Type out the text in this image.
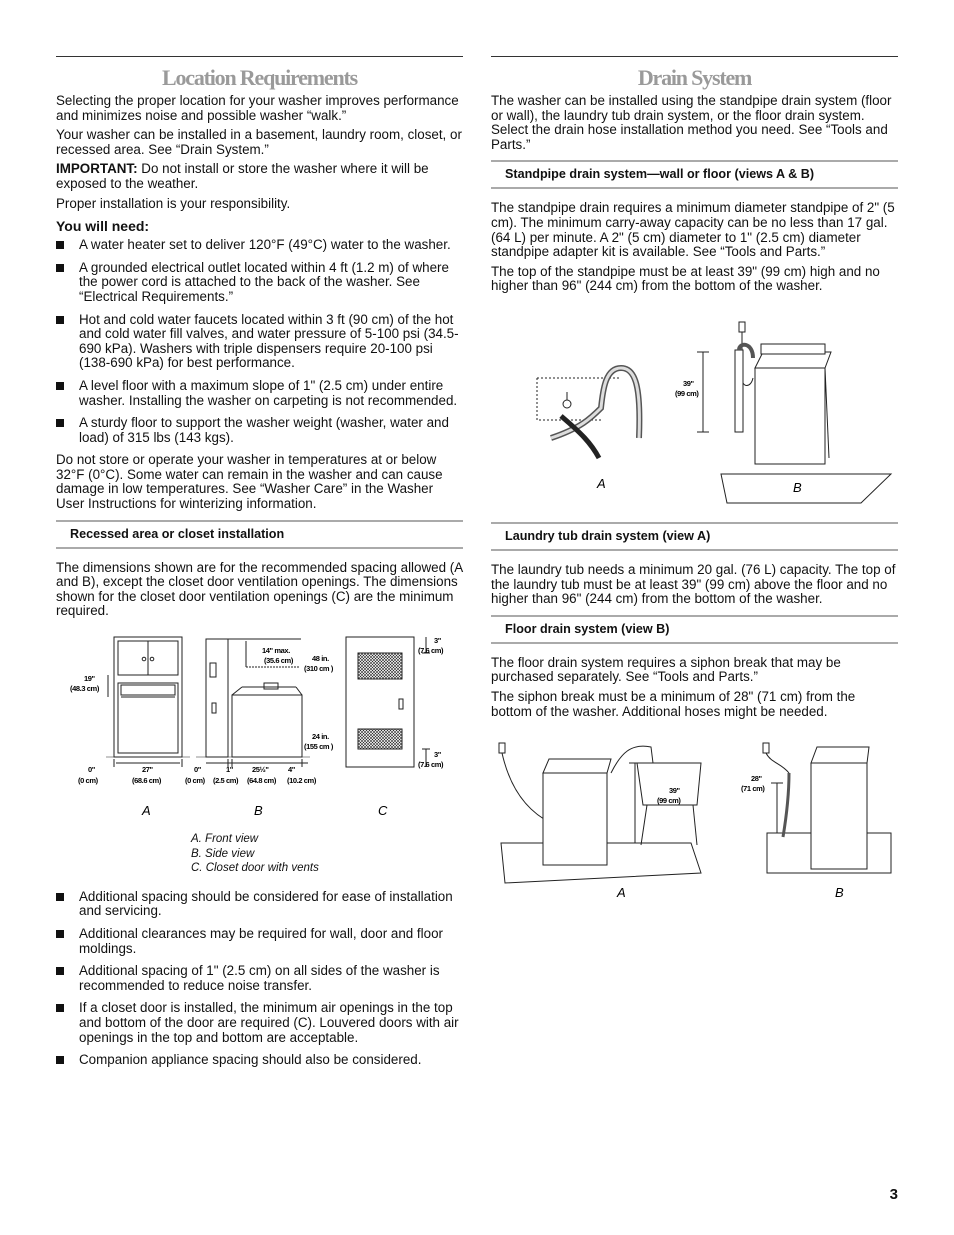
Location Requirements

Selecting the proper location for your washer improves performance and minimizes noise and possible washer “walk.”

Your washer can be installed in a basement, laundry room, closet, or recessed area. See “Drain System.”

IMPORTANT: Do not install or store the washer where it will be exposed to the weather.

Proper installation is your responsibility.

You will need:
A water heater set to deliver 120°F (49°C) water to the washer.
A grounded electrical outlet located within 4 ft (1.2 m) of where the power cord is attached to the back of the washer. See “Electrical Requirements.”
Hot and cold water faucets located within 3 ft (90 cm) of the hot and cold water fill valves, and water pressure of 5-100 psi (34.5-690 kPa). Washers with triple dispensers require 20-100 psi (138-690 kPa) for best performance.
A level floor with a maximum slope of 1" (2.5 cm) under entire washer. Installing the washer on carpeting is not recommended.
A sturdy floor to support the washer weight (washer, water and load) of 315 lbs (143 kgs).

Do not store or operate your washer in temperatures at or below 32°F (0°C). Some water can remain in the washer and can cause damage in low temperatures. See “Washer Care” in the Washer User Instructions for winterizing information.

Recessed area or closet installation

The dimensions shown are for the recommended spacing allowed (A and B), except the closet door ventilation openings. The dimensions shown for the closet door ventilation openings (C) are the minimum required.

19"
(48.3 cm)
0"
(0 cm)
27"
(68.6 cm)
0"
(0 cm)
1"
(2.5 cm)
25½"
(64.8 cm)
4"
(10.2 cm)
14" max.
(35.6 cm)	48 in.
(310 cm )
24 in.
(155 cm )
3"
(7.6 cm)
3"
(7.6 cm)
A	B	C
A. Front view
B. Side view
C. Closet door with vents
Additional spacing should be considered for ease of installation and servicing.
Additional clearances may be required for wall, door and floor moldings.
Additional spacing of 1" (2.5 cm) on all sides of the washer is recommended to reduce noise transfer.
If a closet door is installed, the minimum air openings in the top and bottom of the door are required (C). Louvered doors with air openings in the top and bottom are acceptable.
Companion appliance spacing should also be considered.
Drain System

The washer can be installed using the standpipe drain system (floor or wall), the laundry tub drain system, or the floor drain system. Select the drain hose installation method you need. See “Tools and Parts.”

Standpipe drain system—wall or floor (views A & B)

The standpipe drain requires a minimum diameter standpipe of 2" (5 cm). The minimum carry-away capacity can be no less than 17 gal. (64 L) per minute. A 2" (5 cm) diameter to 1" (2.5 cm) diameter standpipe adapter kit is available. See “Tools and Parts.”

The top of the standpipe must be at least 39" (99 cm) high and no higher than 96" (244 cm) from the bottom of the washer.

39"
(99 cm)
A	B
Laundry tub drain system (view A)

The laundry tub needs a minimum 20 gal. (76 L) capacity. The top of the laundry tub must be at least 39" (99 cm) above the floor and no higher than 96" (244 cm) from the bottom of the washer.

Floor drain system (view B)

The floor drain system requires a siphon break that may be purchased separately. See “Tools and Parts.”

The siphon break must be a minimum of 28" (71 cm) from the bottom of the washer. Additional hoses might be needed.

39"
(99 cm)
28"
(71 cm)
A	B
3
